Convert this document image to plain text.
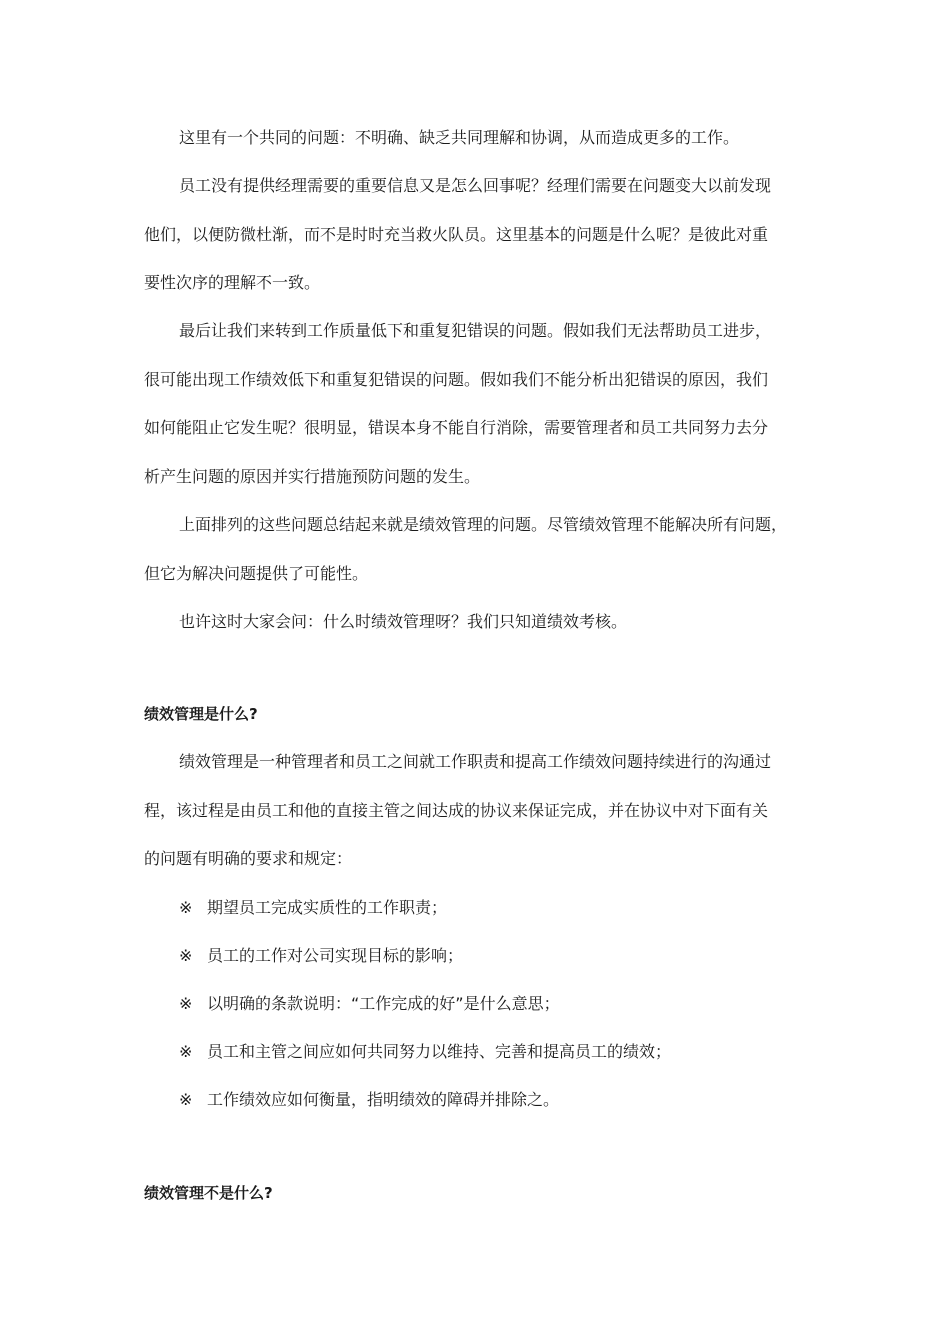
这里有一个共同的问题：不明确、缺乏共同理解和协调，从而造成更多的工作。
员工没有提供经理需要的重要信息又是怎么回事呢？经理们需要在问题变大以前发现
他们，以便防微杜渐，而不是时时充当救火队员。这里基本的问题是什么呢？是彼此对重
要性次序的理解不一致。
最后让我们来转到工作质量低下和重复犯错误的问题。假如我们无法帮助员工进步，
很可能出现工作绩效低下和重复犯错误的问题。假如我们不能分析出犯错误的原因，我们
如何能阻止它发生呢？很明显，错误本身不能自行消除，需要管理者和员工共同努力去分
析产生问题的原因并实行措施预防问题的发生。
上面排列的这些问题总结起来就是绩效管理的问题。尽管绩效管理不能解决所有问题，
但它为解决问题提供了可能性。
也许这时大家会问：什么时绩效管理呀？我们只知道绩效考核。
绩效管理是什么?
绩效管理是一种管理者和员工之间就工作职责和提高工作绩效问题持续进行的沟通过
程，该过程是由员工和他的直接主管之间达成的协议来保证完成，并在协议中对下面有关
的问题有明确的要求和规定：
※ 期望员工完成实质性的工作职责；
※ 员工的工作对公司实现目标的影响；
※ 以明确的条款说明：“工作完成的好”是什么意思；
※ 员工和主管之间应如何共同努力以维持、完善和提高员工的绩效；
※ 工作绩效应如何衡量，指明绩效的障碍并排除之。
绩效管理不是什么?
